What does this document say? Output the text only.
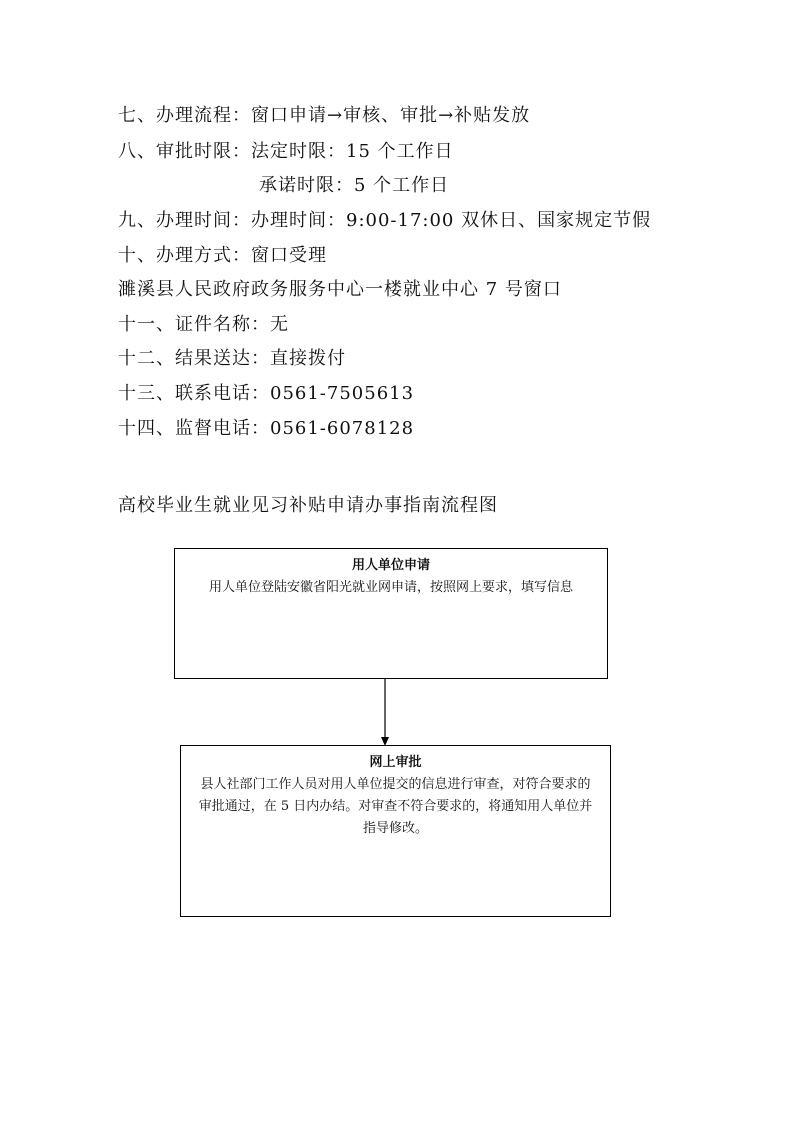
七、办理流程：窗口申请→审核、审批→补贴发放
八、审批时限：法定时限：15 个工作日
承诺时限：5 个工作日
九、办理时间：办理时间：9:00-17:00 双休日、国家规定节假
十、办理方式：窗口受理
濉溪县人民政府政务服务中心一楼就业中心 7 号窗口
十一、证件名称：无
十二、结果送达：直接拨付
十三、联系电话：0561-7505613
十四、监督电话：0561-6078128
高校毕业生就业见习补贴申请办事指南流程图
用人单位申请
用人单位登陆安徽省阳光就业网申请，按照网上要求，填写信息
网上审批
县人社部门工作人员对用人单位提交的信息进行审查，对符合要求的审批通过，在 5 日内办结。对审查不符合要求的，将通知用人单位并指导修改。
